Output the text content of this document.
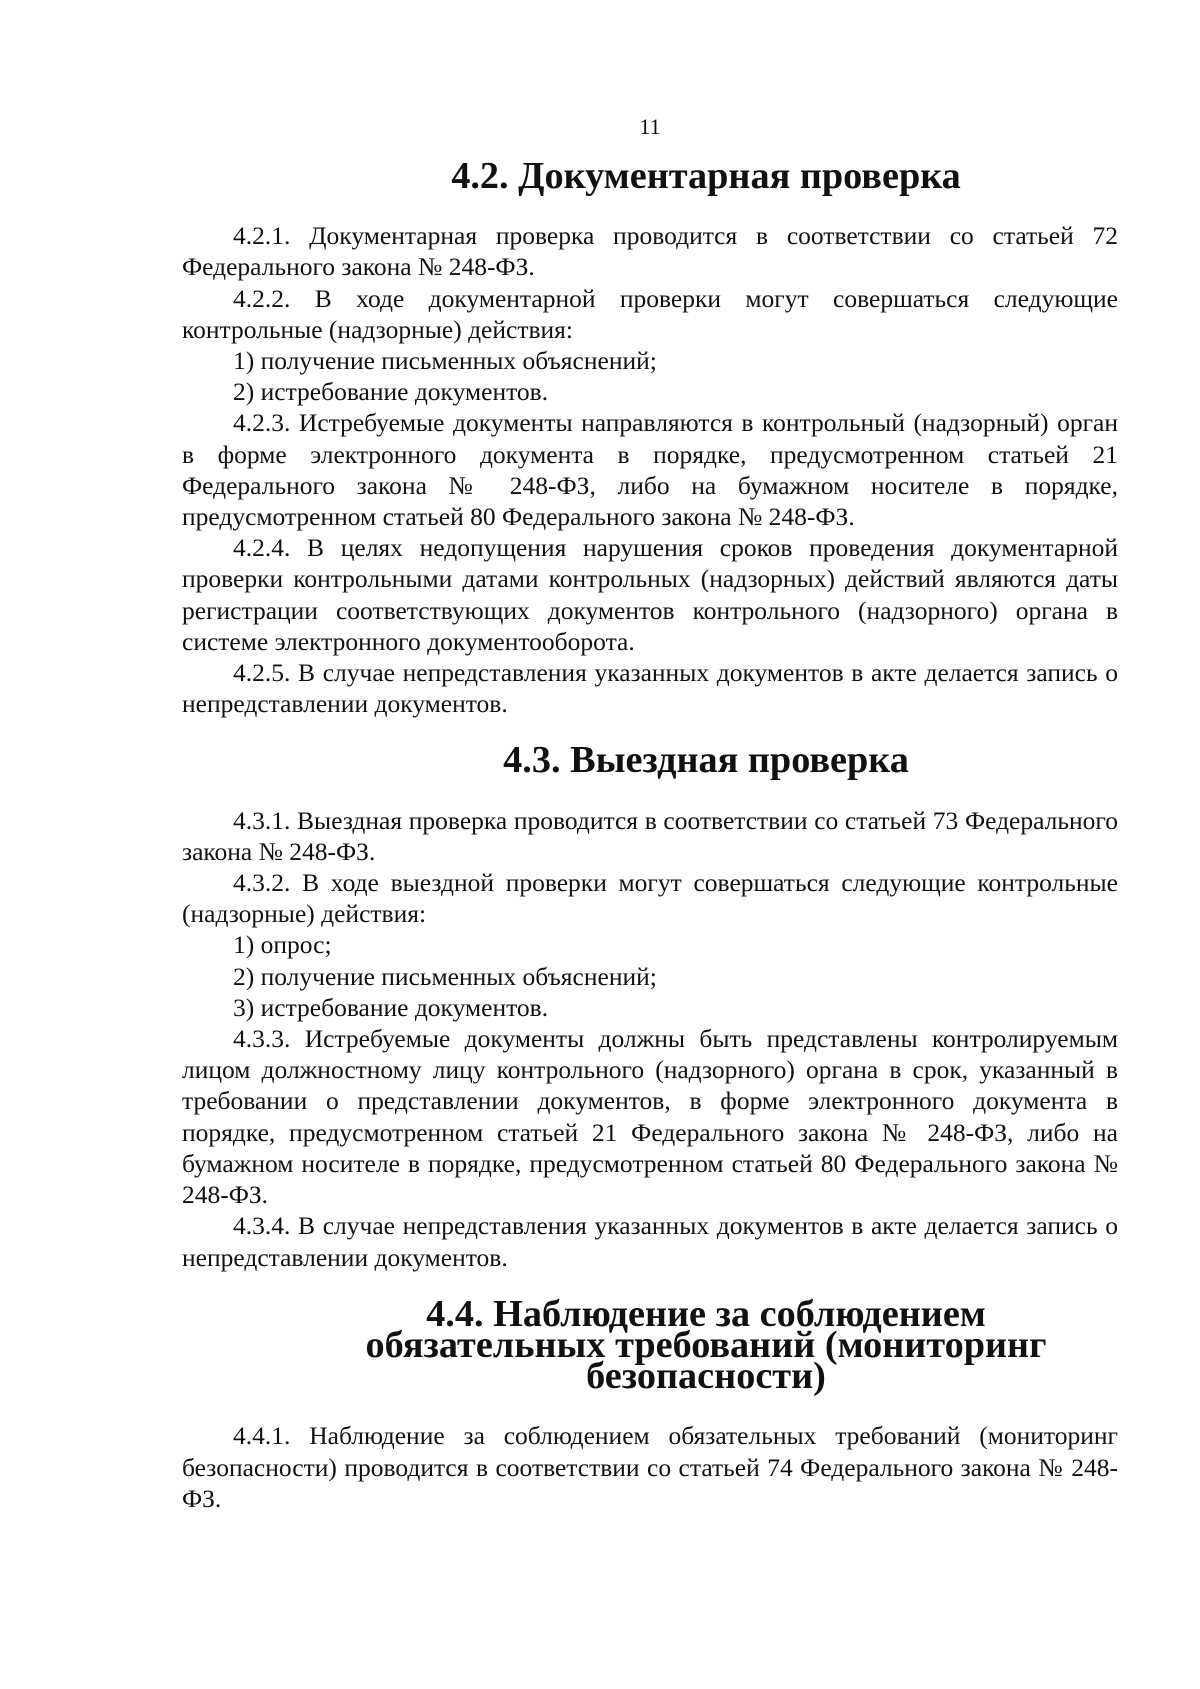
11
4.2. Документарная проверка

4.2.1. Документарная проверка проводится в соответствии со статьей 72 Федерального закона № 248-ФЗ.

4.2.2. В ходе документарной проверки могут совершаться следующие контрольные (надзорные) действия:

1) получение письменных объяснений;

2) истребование документов.

4.2.3. Истребуемые документы направляются в контрольный (надзорный) орган в форме электронного документа в порядке, предусмотренном статьей 21 Федерального закона № 248-ФЗ, либо на бумажном носителе в порядке, предусмотренном статьей 80 Федерального закона № 248-ФЗ.

4.2.4. В целях недопущения нарушения сроков проведения документарной проверки контрольными датами контрольных (надзорных) действий являются даты регистрации соответствующих документов контрольного (надзорного) органа в системе электронного документооборота.

4.2.5. В случае непредставления указанных документов в акте делается запись о непредставлении документов.

4.3. Выездная проверка

4.3.1. Выездная проверка проводится в соответствии со статьей 73 Федерального закона № 248-ФЗ.

4.3.2. В ходе выездной проверки могут совершаться следующие контрольные (надзорные) действия:

1) опрос;

2) получение письменных объяснений;

3) истребование документов.

4.3.3. Истребуемые документы должны быть представлены контролируемым лицом должностному лицу контрольного (надзорного) органа в срок, указанный в требовании о представлении документов, в форме электронного документа в порядке, предусмотренном статьей 21 Федерального закона № 248-ФЗ, либо на бумажном носителе в порядке, предусмотренном статьей 80 Федерального закона № 248-ФЗ.

4.3.4. В случае непредставления указанных документов в акте делается запись о непредставлении документов.

4.4. Наблюдение за соблюдением
обязательных требований (мониторинг безопасности)

4.4.1. Наблюдение за соблюдением обязательных требований (мониторинг безопасности) проводится в соответствии со статьей 74 Федерального закона № 248-ФЗ.
